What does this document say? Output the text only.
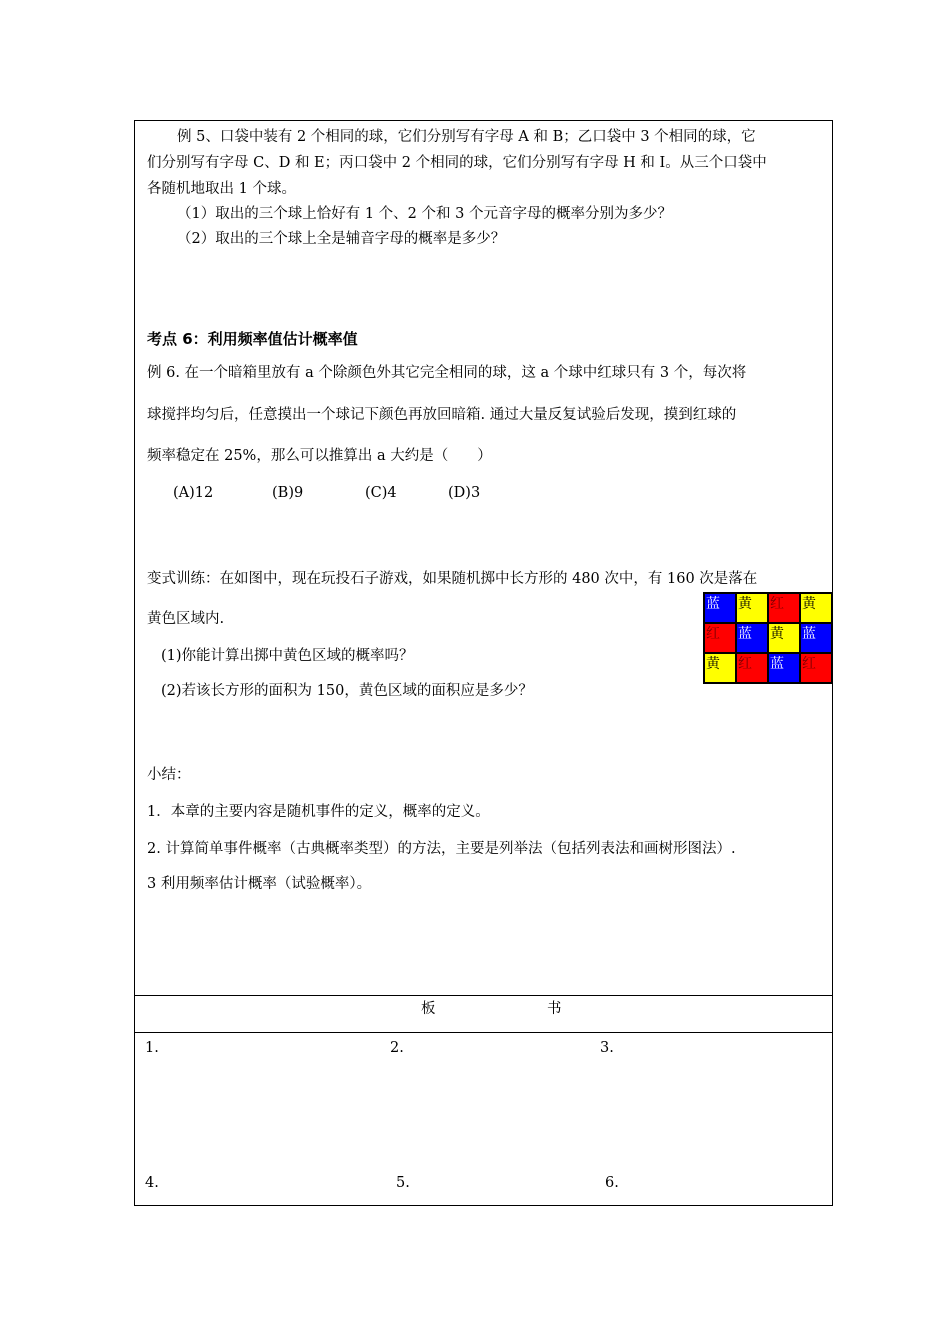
例 5、口袋中装有 2 个相同的球，它们分别写有字母 A 和 B；乙口袋中 3 个相同的球，它
们分别写有字母 C、D 和 E；丙口袋中 2 个相同的球，它们分别写有字母 H 和 I。从三个口袋中
各随机地取出 1 个球。
（1）取出的三个球上恰好有 1 个、2 个和 3 个元音字母的概率分别为多少？
（2）取出的三个球上全是辅音字母的概率是多少？
考点 6：利用频率值估计概率值
例 6. 在一个暗箱里放有 a 个除颜色外其它完全相同的球，这 a 个球中红球只有 3 个，每次将
球搅拌均匀后，任意摸出一个球记下颜色再放回暗箱. 通过大量反复试验后发现，摸到红球的
频率稳定在 25%，那么可以推算出 a 大约是（　　）
(A)12	(B)9	(C)4	(D)3
变式训练：在如图中，现在玩投石子游戏，如果随机掷中长方形的 480 次中，有 160 次是落在
黄色区域内.
(1)你能计算出掷中黄色区域的概率吗？
(2)若该长方形的面积为 150，黄色区域的面积应是多少？
蓝	黄	红	黄
红	蓝	黄	蓝
黄	红	蓝	红
小结：
1．本章的主要内容是随机事件的定义，概率的定义。
2. 计算简单事件概率（古典概率类型）的方法，主要是列举法（包括列表法和画树形图法）.
3 利用频率估计概率（试验概率）。
板	书
1.	2.	3.
4.	5.	6.
